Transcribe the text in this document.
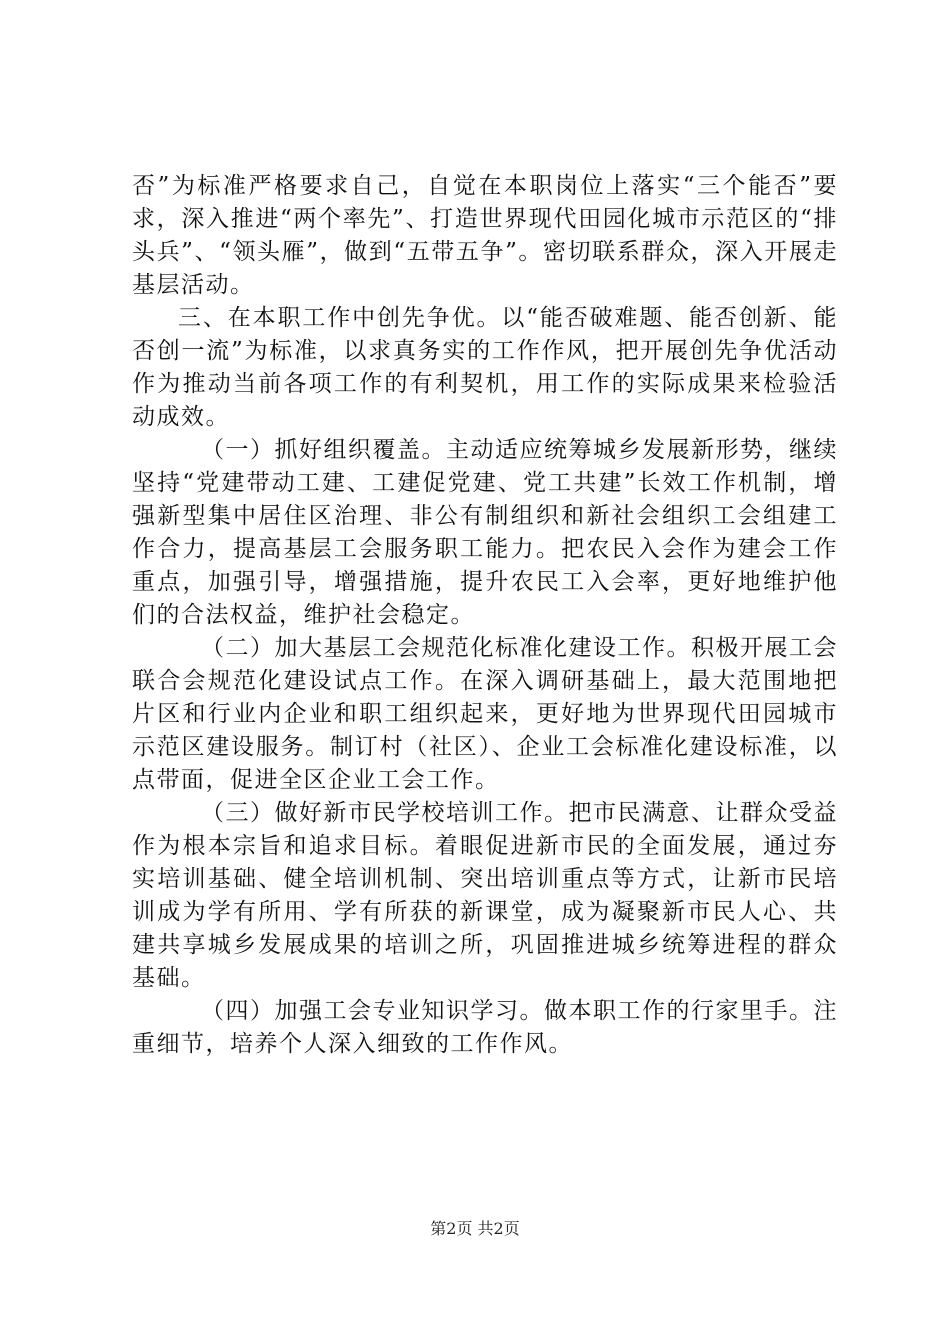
否”为标准严格要求自己，自觉在本职岗位上落实“三个能否”要求，深入推进“两个率先”、打造世界现代田园化城市示范区的“排头兵”、“领头雁”，做到“五带五争”。密切联系群众，深入开展走基层活动。

三、在本职工作中创先争优。以“能否破难题、能否创新、能否创一流”为标准，以求真务实的工作作风，把开展创先争优活动作为推动当前各项工作的有利契机，用工作的实际成果来检验活动成效。

（一）抓好组织覆盖。主动适应统筹城乡发展新形势，继续坚持“党建带动工建、工建促党建、党工共建”长效工作机制，增强新型集中居住区治理、非公有制组织和新社会组织工会组建工作合力，提高基层工会服务职工能力。把农民入会作为建会工作重点，加强引导，增强措施，提升农民工入会率，更好地维护他们的合法权益，维护社会稳定。

（二）加大基层工会规范化标准化建设工作。积极开展工会联合会规范化建设试点工作。在深入调研基础上，最大范围地把片区和行业内企业和职工组织起来，更好地为世界现代田园城市示范区建设服务。制订村（社区）、企业工会标准化建设标准，以点带面，促进全区企业工会工作。

（三）做好新市民学校培训工作。把市民满意、让群众受益作为根本宗旨和追求目标。着眼促进新市民的全面发展，通过夯实培训基础、健全培训机制、突出培训重点等方式，让新市民培训成为学有所用、学有所获的新课堂，成为凝聚新市民人心、共建共享城乡发展成果的培训之所，巩固推进城乡统筹进程的群众基础。

（四）加强工会专业知识学习。做本职工作的行家里手。注重细节，培养个人深入细致的工作作风。

第2页 共2页
